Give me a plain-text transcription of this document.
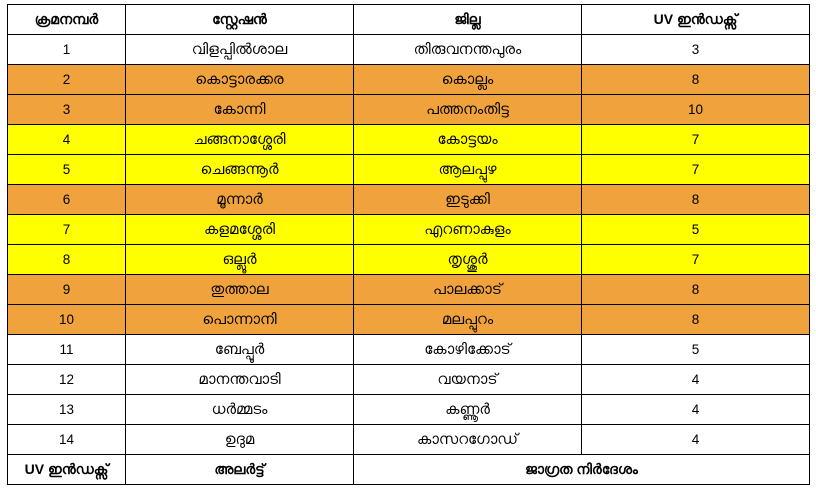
ക്രമനമ്പർ	സ്റ്റേഷൻ	ജില്ല	UV ഇൻഡക്സ്
1	വിളപ്പിൽശാല	തിരുവനന്തപുരം	3
2	കൊട്ടാരക്കര	കൊല്ലം	8
3	കോന്നി	പത്തനംതിട്ട	10
4	ചങ്ങനാശ്ശേരി	കോട്ടയം	7
5	ചെങ്ങന്നൂർ	ആലപ്പുഴ	7
6	മൂന്നാർ	ഇടുക്കി	8
7	കളമശ്ശേരി	എറണാകുളം	5
8	ഒല്ലൂർ	തൃശ്ശൂർ	7
9	തുത്താല	പാലക്കാട്	8
10	പൊന്നാനി	മലപ്പുറം	8
11	ബേപ്പൂർ	കോഴിക്കോട്	5
12	മാനന്തവാടി	വയനാട്	4
13	ധർമ്മടം	കണ്ണൂർ	4
14	ഉദുമ	കാസറഗോഡ്	4
UV ഇൻഡക്സ്	അലർട്ട്	ജാഗ്രത നിർദേശം	
